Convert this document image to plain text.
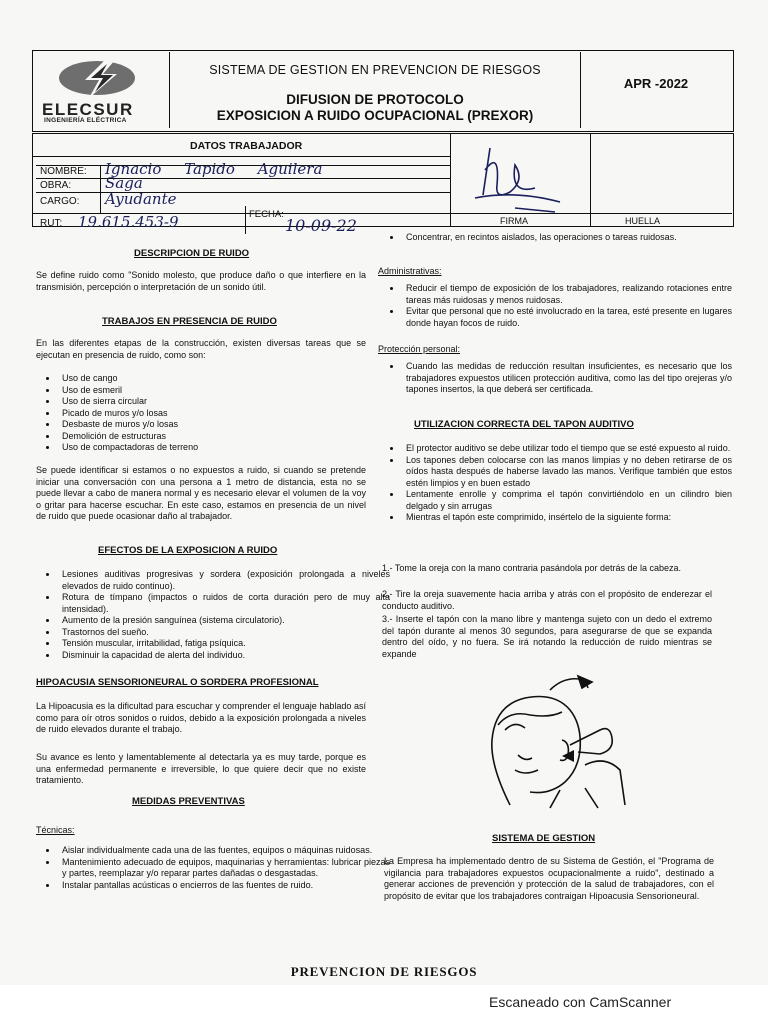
ELECSUR
INGENIERÍA ELÉCTRICA
SISTEMA DE GESTION EN PREVENCION DE RIESGOS
DIFUSION DE PROTOCOLO
EXPOSICION A RUIDO OCUPACIONAL (PREXOR)
APR -2022
DATOS TRABAJADOR
NOMBRE: Ignacio Tapido Aguilera
OBRA: Saga
CARGO: Ayudante
RUT: 19.615.453-9	FECHA:
10-09-22	FIRMA	HUELLA
DESCRIPCION DE RUIDO
Se define ruido como "Sonido molesto, que produce daño o que interfiere en la transmisión, percepción o interpretación de un sonido útil.
TRABAJOS EN PRESENCIA DE RUIDO
En las diferentes etapas de la construcción, existen diversas tareas que se ejecutan en presencia de ruido, como son:
• Uso de cango
• Uso de esmeril
• Uso de sierra circular
• Picado de muros y/o losas
• Desbaste de muros y/o losas
• Demolición de estructuras
• Uso de compactadoras de terreno
Se puede identificar si estamos o no expuestos a ruido, si cuando se pretende iniciar una conversación con una persona a 1 metro de distancia, esta no se puede llevar a cabo de manera normal y es necesario elevar el volumen de la voy o gritar para hacerse escuchar. En este caso, estamos en presencia de un nivel de ruido que puede ocasionar daño al trabajador.
EFECTOS DE LA EXPOSICION A RUIDO
• Lesiones auditivas progresivas y sordera (exposición prolongada a niveles elevados de ruido continuo).
• Rotura de tímpano (impactos o ruidos de corta duración pero de muy alta intensidad).
• Aumento de la presión sanguínea (sistema circulatorio).
• Trastornos del sueño.
• Tensión muscular, irritabilidad, fatiga psíquica.
• Disminuir la capacidad de alerta del individuo.
HIPOACUSIA SENSORIONEURAL O SORDERA PROFESIONAL
La Hipoacusia es la dificultad para escuchar y comprender el lenguaje hablado así como para oír otros sonidos o ruidos, debido a la exposición prolongada a niveles de ruido elevados durante el trabajo.
Su avance es lento y lamentablemente al detectarla ya es muy tarde, porque es una enfermedad permanente e irreversible, lo que quiere decir que no existe tratamiento.
MEDIDAS PREVENTIVAS
Técnicas:
• Aislar individualmente cada una de las fuentes, equipos o máquinas ruidosas.
• Mantenimiento adecuado de equipos, maquinarias y herramientas: lubricar piezas y partes, reemplazar y/o reparar partes dañadas o desgastadas.
• Instalar pantallas acústicas o encierros de las fuentes de ruido.
• Concentrar, en recintos aislados, las operaciones o tareas ruidosas.
Administrativas:
• Reducir el tiempo de exposición de los trabajadores, realizando rotaciones entre tareas más ruidosas y menos ruidosas.
• Evitar que personal que no esté involucrado en la tarea, esté presente en lugares donde hayan focos de ruido.
Protección personal:
• Cuando las medidas de reducción resultan insuficientes, es necesario que los trabajadores expuestos utilicen protección auditiva, como las del tipo orejeras y/o tapones insertos, la que deberá ser certificada.
UTILIZACION CORRECTA DEL TAPON AUDITIVO
• El protector auditivo se debe utilizar todo el tiempo que se esté expuesto al ruido.
• Los tapones deben colocarse con las manos limpias y no deben retirarse de os oídos hasta después de haberse lavado las manos. Verifique también que estos estén limpios y en buen estado
• Lentamente enrolle y comprima el tapón convirtiéndolo en un cilindro bien delgado y sin arrugas
• Mientras el tapón este comprimido, insértelo de la siguiente forma:
1.- Tome la oreja con la mano contraria pasándola por detrás de la cabeza.
2.- Tire la oreja suavemente hacia arriba y atrás con el propósito de enderezar el conducto auditivo.
3.- Inserte el tapón con la mano libre y mantenga sujeto con un dedo el extremo del tapón durante al menos 30 segundos, para asegurarse de que se expanda dentro del oído, y no fuera. Se irá notando la reducción de ruido mientras se expande
SISTEMA DE GESTION
La Empresa ha implementado dentro de su Sistema de Gestión, el "Programa de vigilancia para trabajadores expuestos ocupacionalmente a ruido", destinado a generar acciones de prevención y protección de la salud de trabajadores, con el propósito de evitar que los trabajadores contraigan Hipoacusia Sensorioneural.
PREVENCION DE RIESGOS
Escaneado con CamScanner
